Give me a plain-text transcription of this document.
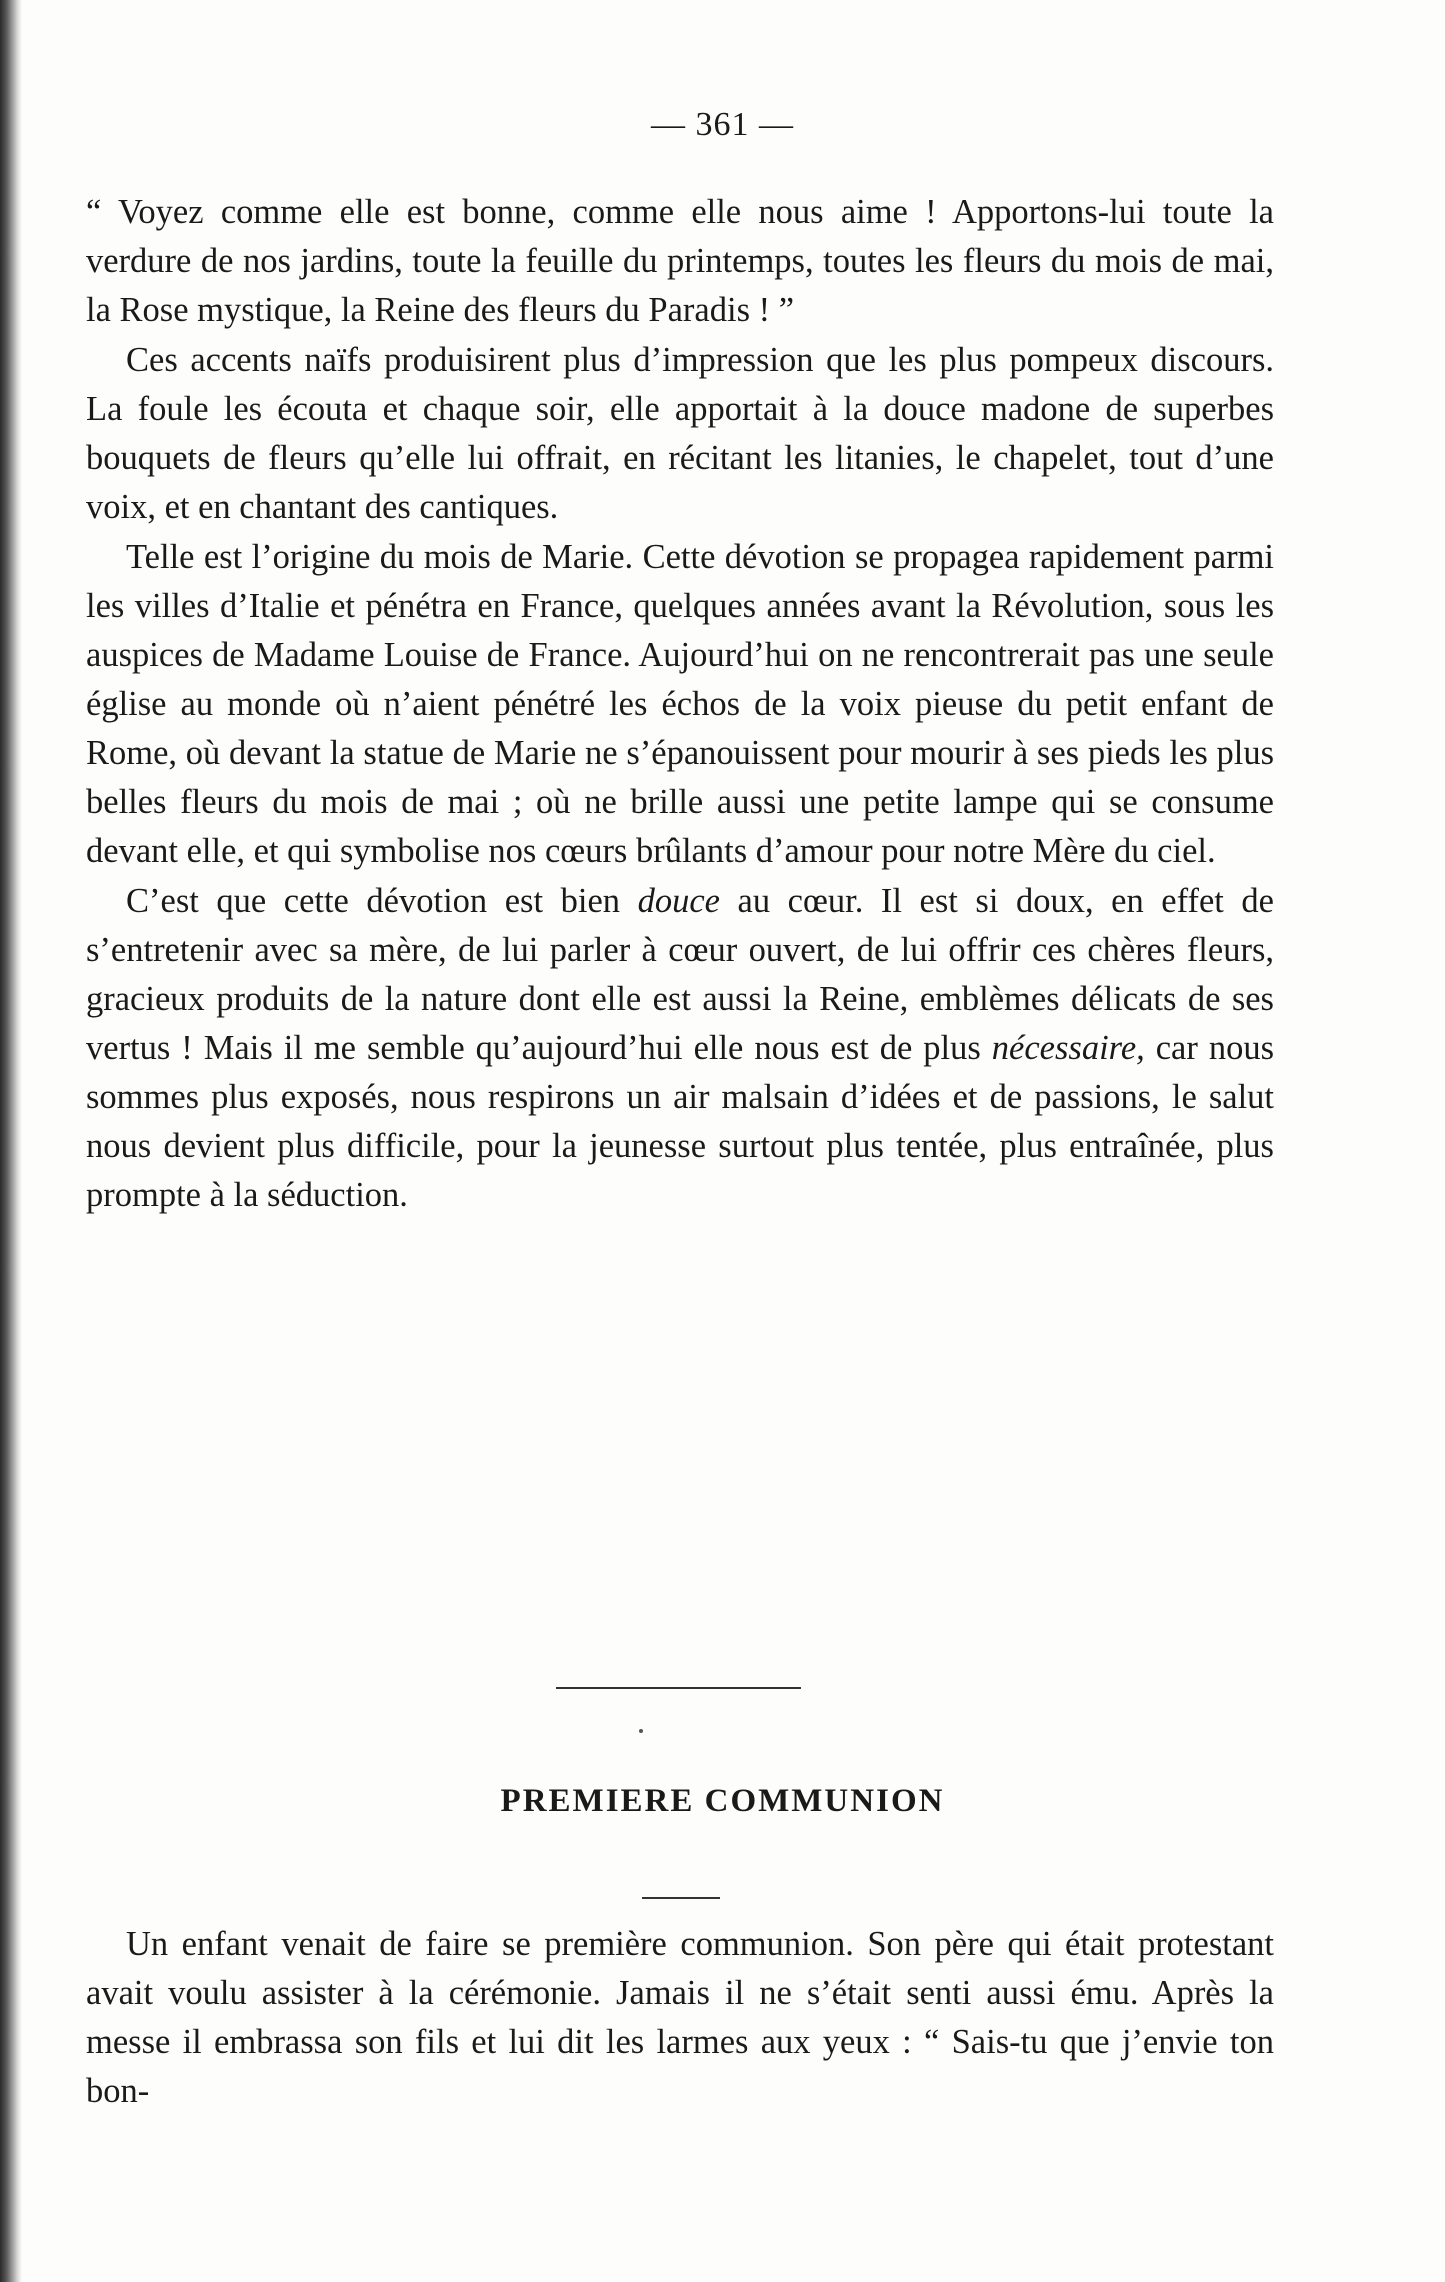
— 361 —

“ Voyez comme elle est bonne, comme elle nous aime ! Apportons-lui toute la verdure de nos jardins, toute la feuille du printemps, toutes les fleurs du mois de mai, la Rose mystique, la Reine des fleurs du Paradis ! ”

Ces accents naïfs produisirent plus d’impression que les plus pompeux discours. La foule les écouta et chaque soir, elle apportait à la douce madone de superbes bouquets de fleurs qu’elle lui offrait, en récitant les litanies, le chapelet, tout d’une voix, et en chantant des cantiques.

Telle est l’origine du mois de Marie. Cette dévotion se propagea rapidement parmi les villes d’Italie et pénétra en France, quelques années avant la Révolution, sous les auspices de Madame Louise de France. Aujourd’hui on ne rencontrerait pas une seule église au monde où n’aient pénétré les échos de la voix pieuse du petit enfant de Rome, où devant la statue de Marie ne s’épanouissent pour mourir à ses pieds les plus belles fleurs du mois de mai ; où ne brille aussi une petite lampe qui se consume devant elle, et qui symbolise nos cœurs brûlants d’amour pour notre Mère du ciel.

C’est que cette dévotion est bien douce au cœur. Il est si doux, en effet de s’entretenir avec sa mère, de lui parler à cœur ouvert, de lui offrir ces chères fleurs, gracieux produits de la nature dont elle est aussi la Reine, emblèmes délicats de ses vertus ! Mais il me semble qu’aujourd’hui elle nous est de plus nécessaire, car nous sommes plus exposés, nous respirons un air malsain d’idées et de passions, le salut nous devient plus difficile, pour la jeunesse surtout plus tentée, plus entraînée, plus prompte à la séduction.

PREMIERE COMMUNION

Un enfant venait de faire se première communion. Son père qui était protestant avait voulu assister à la cérémonie. Jamais il ne s’était senti aussi ému. Après la messe il embrassa son fils et lui dit les larmes aux yeux : “ Sais-tu que j’envie ton bon-
